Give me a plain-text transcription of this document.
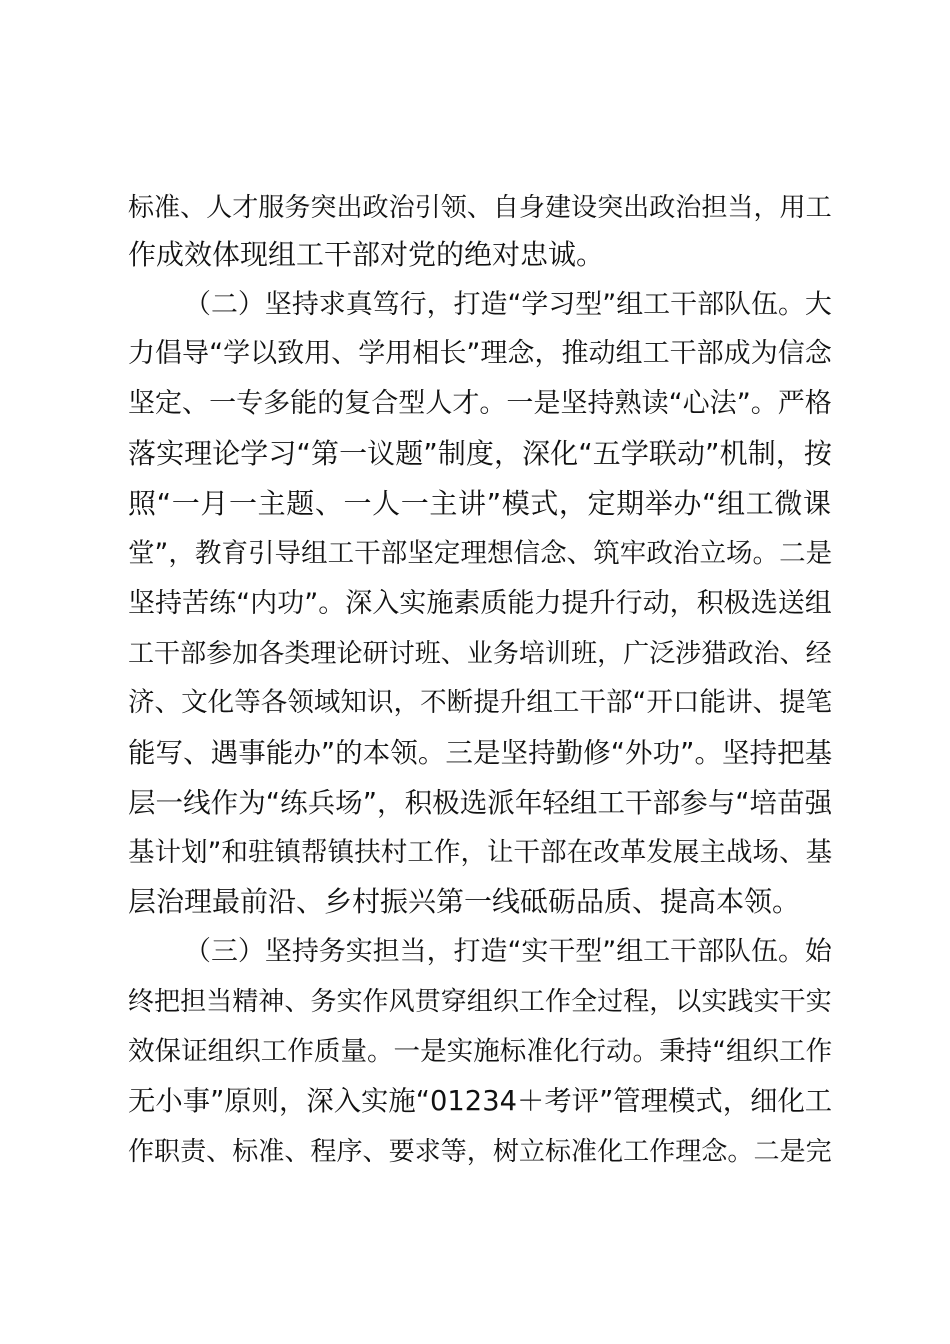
标准、人才服务突出政治引领、自身建设突出政治担当，用工
作成效体现组工干部对党的绝对忠诚。
（二）坚持求真笃行，打造“学习型”组工干部队伍。大
力倡导“学以致用、学用相长”理念，推动组工干部成为信念
坚定、一专多能的复合型人才。一是坚持熟读“心法”。严格
落实理论学习“第一议题”制度，深化“五学联动”机制，按
照“一月一主题、一人一主讲”模式，定期举办“组工微课
堂”，教育引导组工干部坚定理想信念、筑牢政治立场。二是
坚持苦练“内功”。深入实施素质能力提升行动，积极选送组
工干部参加各类理论研讨班、业务培训班，广泛涉猎政治、经
济、文化等各领域知识，不断提升组工干部“开口能讲、提笔
能写、遇事能办”的本领。三是坚持勤修“外功”。坚持把基
层一线作为“练兵场”，积极选派年轻组工干部参与“培苗强
基计划”和驻镇帮镇扶村工作，让干部在改革发展主战场、基
层治理最前沿、乡村振兴第一线砥砺品质、提高本领。
（三）坚持务实担当，打造“实干型”组工干部队伍。始
终把担当精神、务实作风贯穿组织工作全过程，以实践实干实
效保证组织工作质量。一是实施标准化行动。秉持“组织工作
无小事”原则，深入实施“01234＋考评”管理模式，细化工
作职责、标准、程序、要求等，树立标准化工作理念。二是完
